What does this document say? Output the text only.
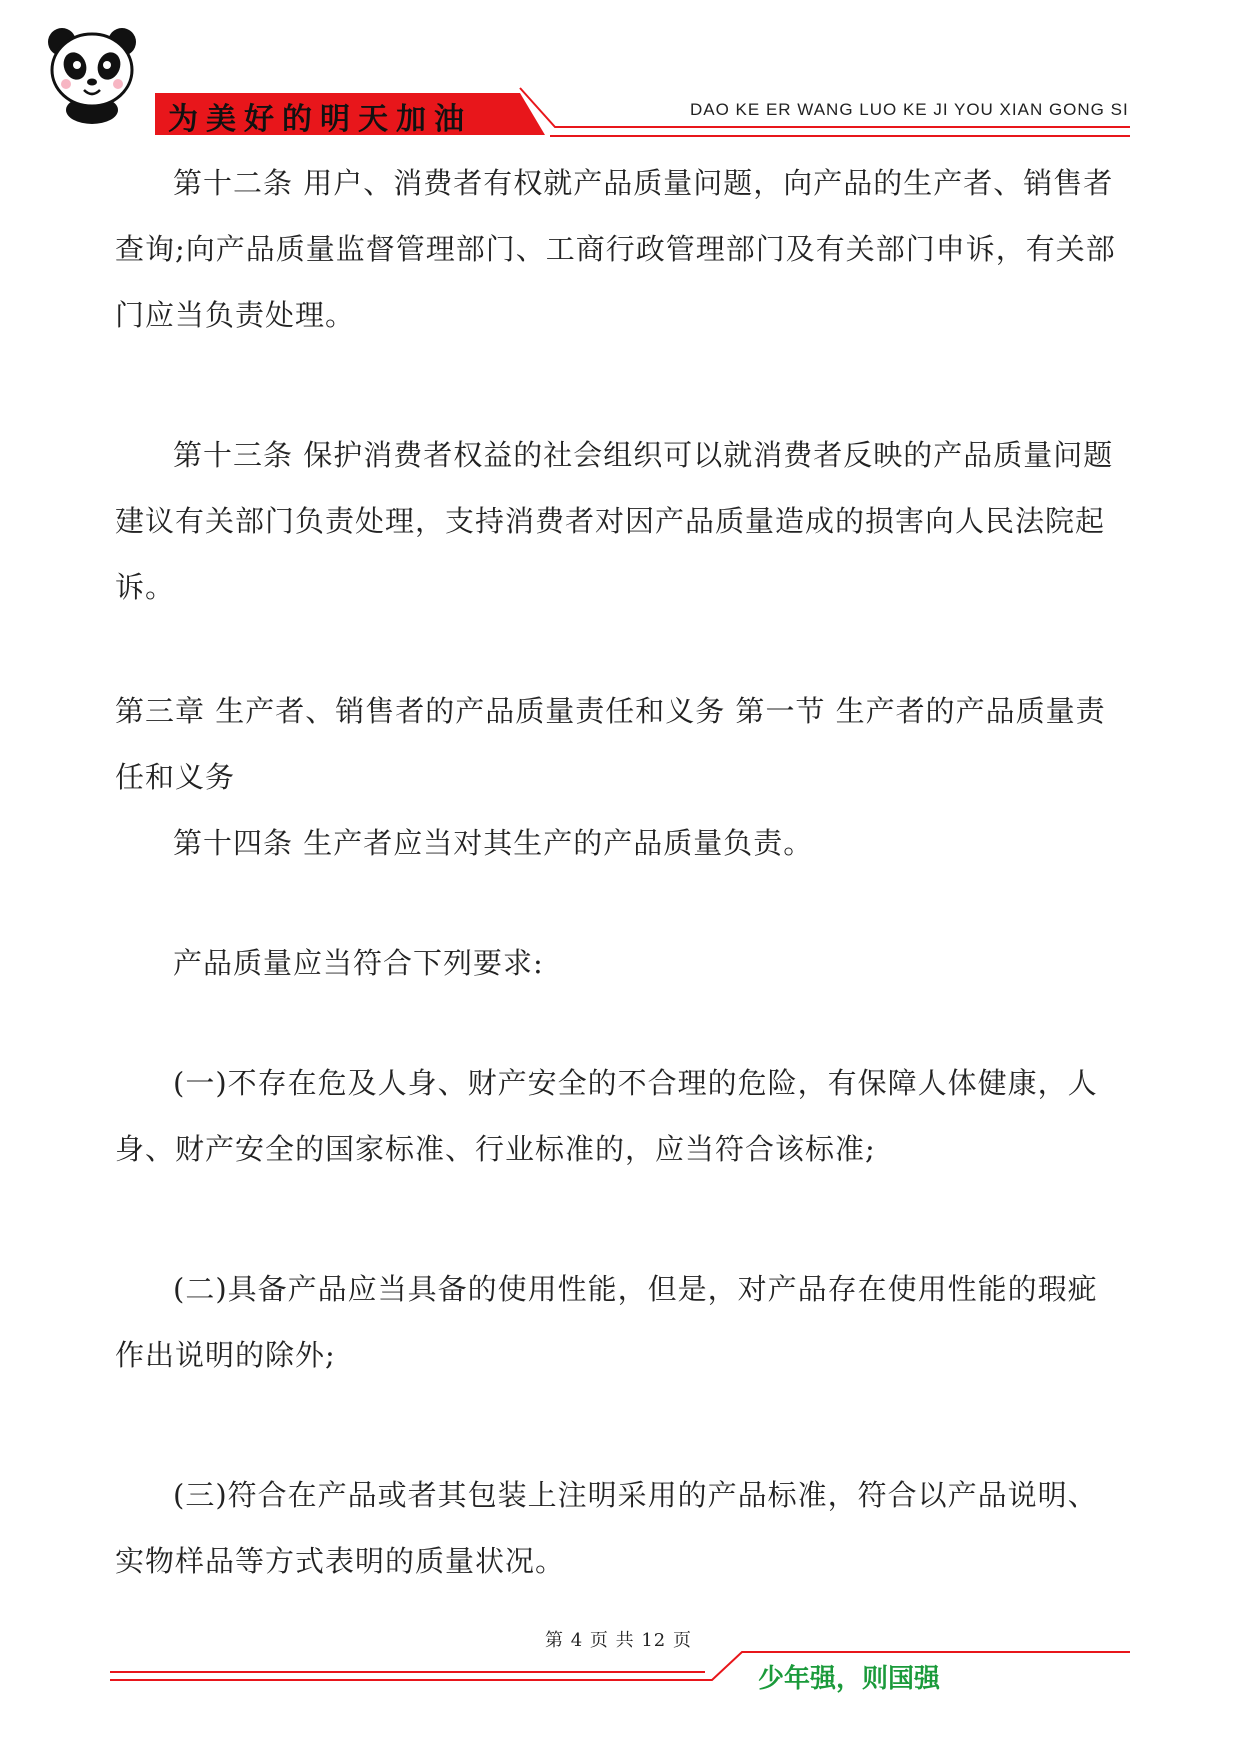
为美好的明天加油	DAO KE ER WANG LUO KE JI YOU XIAN GONG SI

第十二条 用户、消费者有权就产品质量问题，向产品的生产者、销售者查询;向产品质量监督管理部门、工商行政管理部门及有关部门申诉，有关部门应当负责处理。

第十三条 保护消费者权益的社会组织可以就消费者反映的产品质量问题建议有关部门负责处理，支持消费者对因产品质量造成的损害向人民法院起诉。

第三章 生产者、销售者的产品质量责任和义务 第一节 生产者的产品质量责任和义务

第十四条 生产者应当对其生产的产品质量负责。

产品质量应当符合下列要求:

(一)不存在危及人身、财产安全的不合理的危险，有保障人体健康，人身、财产安全的国家标准、行业标准的，应当符合该标准;

(二)具备产品应当具备的使用性能，但是，对产品存在使用性能的瑕疵作出说明的除外;

(三)符合在产品或者其包装上注明采用的产品标准，符合以产品说明、实物样品等方式表明的质量状况。

第 4 页 共 12 页
少年强，则国强
